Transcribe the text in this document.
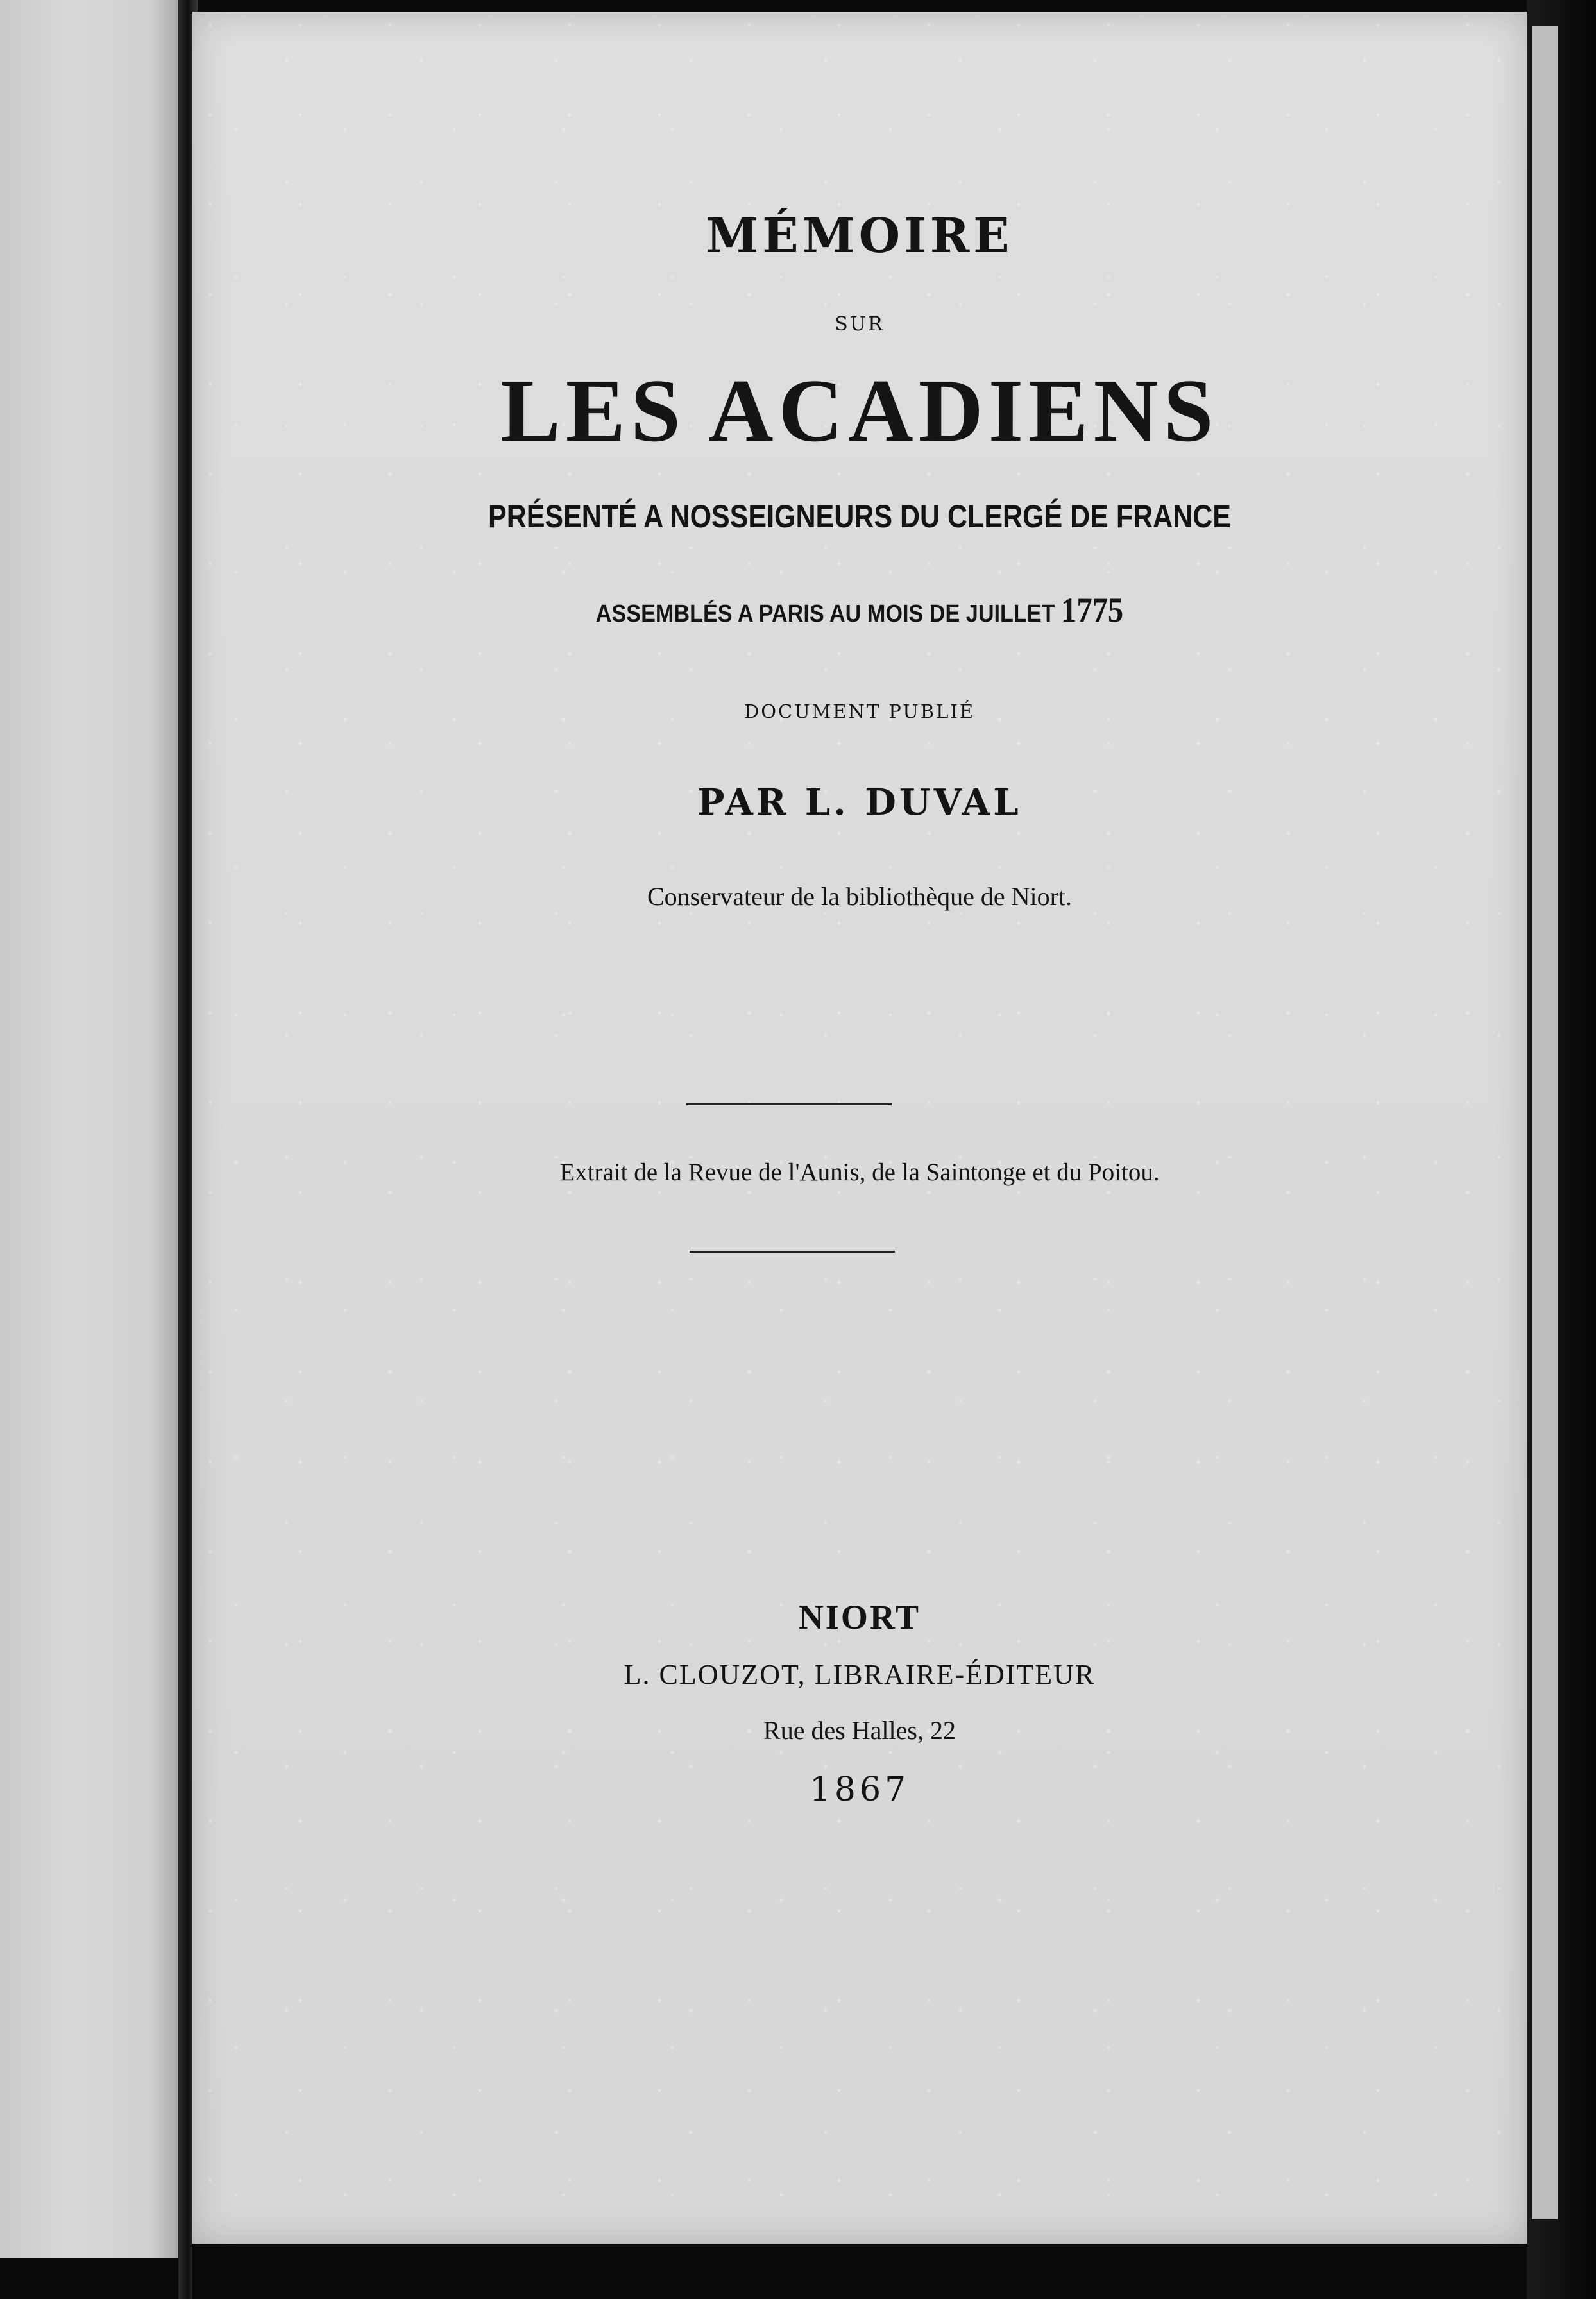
MÉMOIRE

SUR

LES ACADIENS

PRÉSENTÉ A NOSSEIGNEURS DU CLERGÉ DE FRANCE

ASSEMBLÉS A PARIS AU MOIS DE JUILLET 1775

DOCUMENT PUBLIÉ

PAR L. DUVAL

Conservateur de la bibliothèque de Niort.

Extrait de la Revue de l'Aunis, de la Saintonge et du Poitou.

NIORT

L. CLOUZOT, LIBRAIRE-ÉDITEUR

Rue des Halles, 22

1867
